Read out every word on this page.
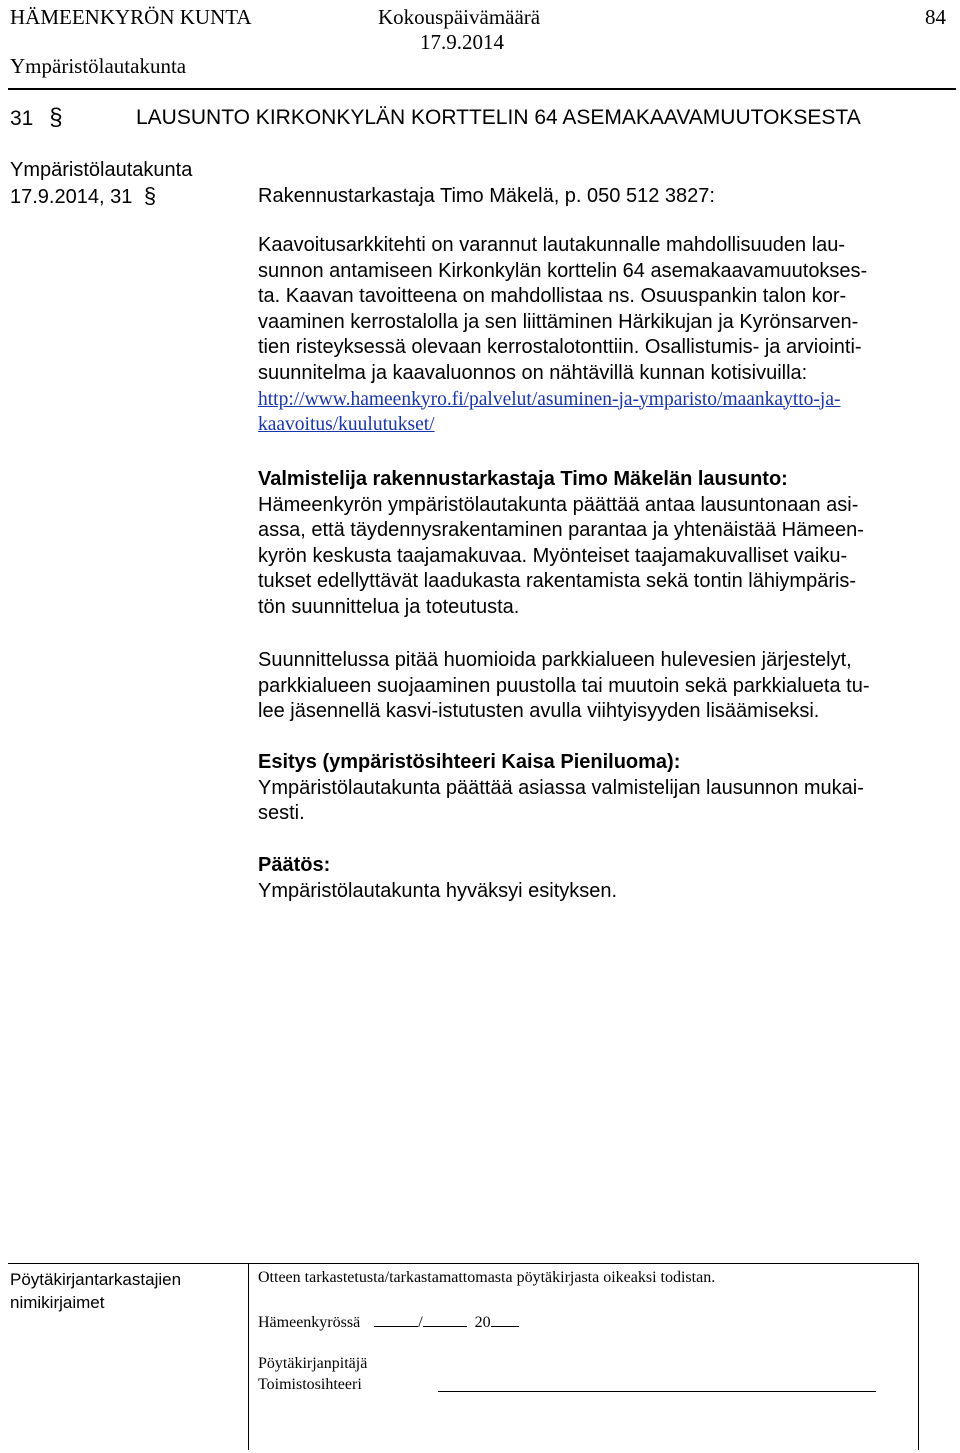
HÄMEENKYRÖN KUNTA	Kokouspäivämäärä	84
17.9.2014
Ympäristölautakunta
31 §	LAUSUNTO KIRKONKYLÄN KORTTELIN 64 ASEMAKAAVAMUUTOKSESTA
Ympäristölautakunta
17.9.2014, 31 §	Rakennustarkastaja Timo Mäkelä, p. 050 512 3827:
Kaavoitusarkkitehti on varannut lautakunnalle mahdollisuuden lau-
sunnon antamiseen Kirkonkylän korttelin 64 asemakaavamuutokses-
ta. Kaavan tavoitteena on mahdollistaa ns. Osuuspankin talon kor-
vaaminen kerrostalolla ja sen liittäminen Härkikujan ja Kyrönsarven-
tien risteyksessä olevaan kerrostalotonttiin. Osallistumis- ja arviointi-
suunnitelma ja kaavaluonnos on nähtävillä kunnan kotisivuilla:
http://www.hameenkyro.fi/palvelut/asuminen-ja-ymparisto/maankaytto-ja-
kaavoitus/kuulutukset/
Valmistelija rakennustarkastaja Timo Mäkelän lausunto:
Hämeenkyrön ympäristölautakunta päättää antaa lausuntonaan asi-
assa, että täydennysrakentaminen parantaa ja yhtenäistää Hämeen-
kyrön keskusta taajamakuvaa. Myönteiset taajamakuvalliset vaiku-
tukset edellyttävät laadukasta rakentamista sekä tontin lähiympäris-
tön suunnittelua ja toteutusta.
Suunnittelussa pitää huomioida parkkialueen hulevesien järjestelyt,
parkkialueen suojaaminen puustolla tai muutoin sekä parkkialueta tu-
lee jäsennellä kasvi-istutusten avulla viihtyisyyden lisäämiseksi.
Esitys (ympäristösihteeri Kaisa Pieniluoma):
Ympäristölautakunta päättää asiassa valmistelijan lausunnon mukai-
sesti.
Päätös:
Ympäristölautakunta hyväksyi esityksen.
Pöytäkirjantarkastajien
nimikirjaimet
Otteen tarkastetusta/tarkastamattomasta pöytäkirjasta oikeaksi todistan.
Hämeenkyrössä	/	20
Pöytäkirjanpitäjä
Toimistosihteeri
